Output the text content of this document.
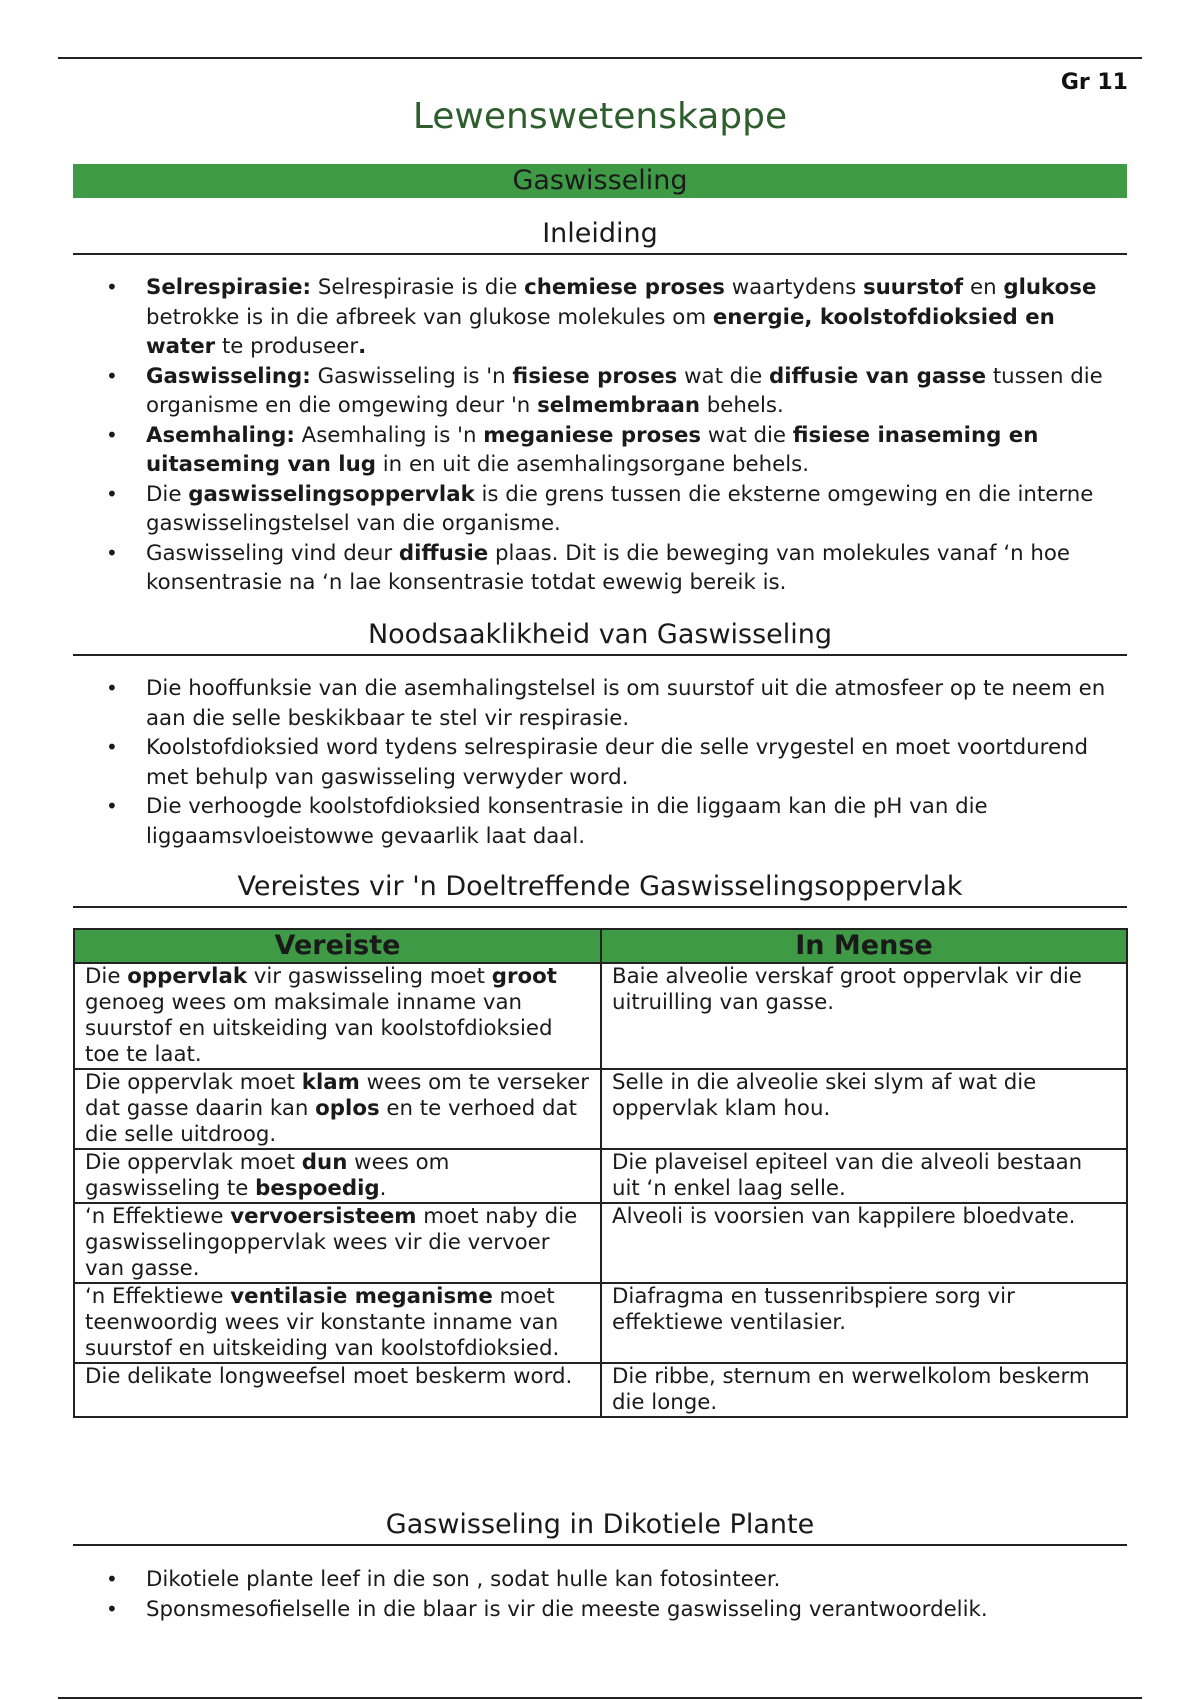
Gr 11
Lewenswetenskappe
Gaswisseling
Inleiding
• Selrespirasie: Selrespirasie is die chemiese proses waartydens suurstof en glukose betrokke is in die afbreek van glukose molekules om energie, koolstofdioksied en water te produseer.
• Gaswisseling: Gaswisseling is 'n fisiese proses wat die diffusie van gasse tussen die organisme en die omgewing deur 'n selmembraan behels.
• Asemhaling: Asemhaling is 'n meganiese proses wat die fisiese inaseming en uitaseming van lug in en uit die asemhalingsorgane behels.
• Die gaswisselingsoppervlak is die grens tussen die eksterne omgewing en die interne gaswisselingstelsel van die organisme.
• Gaswisseling vind deur diffusie plaas. Dit is die beweging van molekules vanaf ‘n hoe konsentrasie na ‘n lae konsentrasie totdat ewewig bereik is.
Noodsaaklikheid van Gaswisseling
• Die hooffunksie van die asemhalingstelsel is om suurstof uit die atmosfeer op te neem en aan die selle beskikbaar te stel vir respirasie.
• Koolstofdioksied word tydens selrespirasie deur die selle vrygestel en moet voortdurend met behulp van gaswisseling verwyder word.
• Die verhoogde koolstofdioksied konsentrasie in die liggaam kan die pH van die liggaamsvloeistowwe gevaarlik laat daal.
Vereistes vir 'n Doeltreffende Gaswisselingsoppervlak
Vereiste	In Mense
Die oppervlak vir gaswisseling moet groot genoeg wees om maksimale inname van suurstof en uitskeiding van koolstofdioksied toe te laat.	Baie alveolie verskaf groot oppervlak vir die uitruilling van gasse.
Die oppervlak moet klam wees om te verseker dat gasse daarin kan oplos en te verhoed dat die selle uitdroog.	Selle in die alveolie skei slym af wat die oppervlak klam hou.
Die oppervlak moet dun wees om gaswisseling te bespoedig.	Die plaveisel epiteel van die alveoli bestaan uit ‘n enkel laag selle.
‘n Effektiewe vervoersisteem moet naby die gaswisselingoppervlak wees vir die vervoer van gasse.	Alveoli is voorsien van kappilere bloedvate.
‘n Effektiewe ventilasie meganisme moet teenwoordig wees vir konstante inname van suurstof en uitskeiding van koolstofdioksied.	Diafragma en tussenribspiere sorg vir effektiewe ventilasier.
Die delikate longweefsel moet beskerm word.	Die ribbe, sternum en werwelkolom beskerm die longe.
Gaswisseling in Dikotiele Plante
• Dikotiele plante leef in die son , sodat hulle kan fotosinteer.
• Sponsmesofielselle in die blaar is vir die meeste gaswisseling verantwoordelik.
